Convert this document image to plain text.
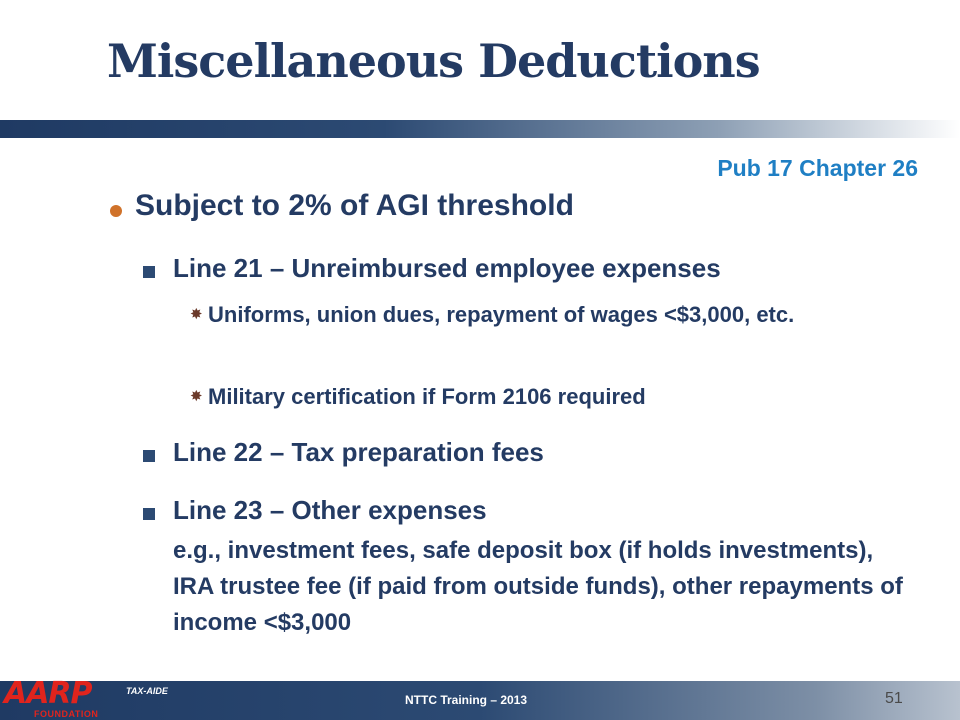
Miscellaneous Deductions
Pub 17 Chapter 26
Subject to 2% of AGI threshold
Line 21 – Unreimbursed employee expenses
✸ Uniforms, union dues, repayment of wages <$3,000, etc.
✸ Military certification if Form 2106 required
Line 22 – Tax preparation fees
Line 23 – Other expenses
e.g., investment fees, safe deposit box (if holds investments), IRA trustee fee (if paid from outside funds), other repayments of income <$3,000
AARP
FOUNDATION
TAX-AIDE
NTTC Training – 2013	51
